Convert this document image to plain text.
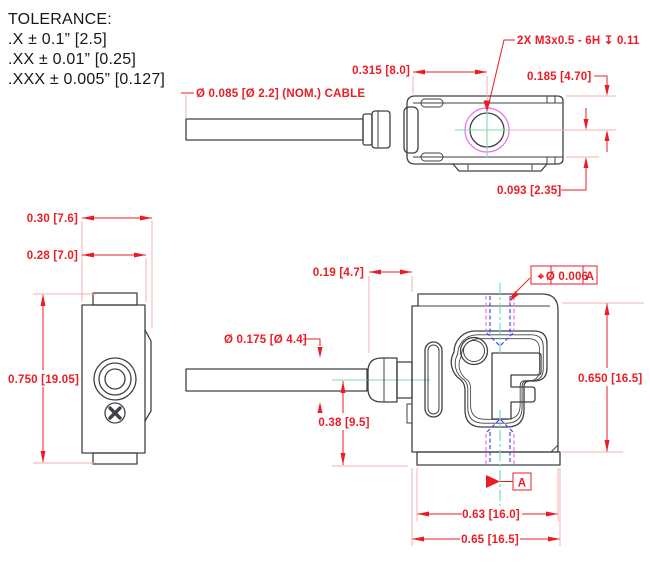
TOLERANCE:
.X ± 0.1” [2.5]
.XX ± 0.01” [0.25]
.XXX ± 0.005” [0.127]
Ø 0.085 [Ø 2.2] (NOM.) CABLE
0.315 [8.0]
2X M3x0.5 - 6H ↧ 0.11
0.185 [4.70]
0.093 [2.35]
0.30 [7.6]
0.28 [7.0]
0.750 [19.05]
0.19 [4.7]	⌖ Ø 0.006
A
Ø 0.175 [Ø 4.4]
0.38 [9.5]
0.650 [16.5]
A
0.63 [16.0]
0.65 [16.5]
